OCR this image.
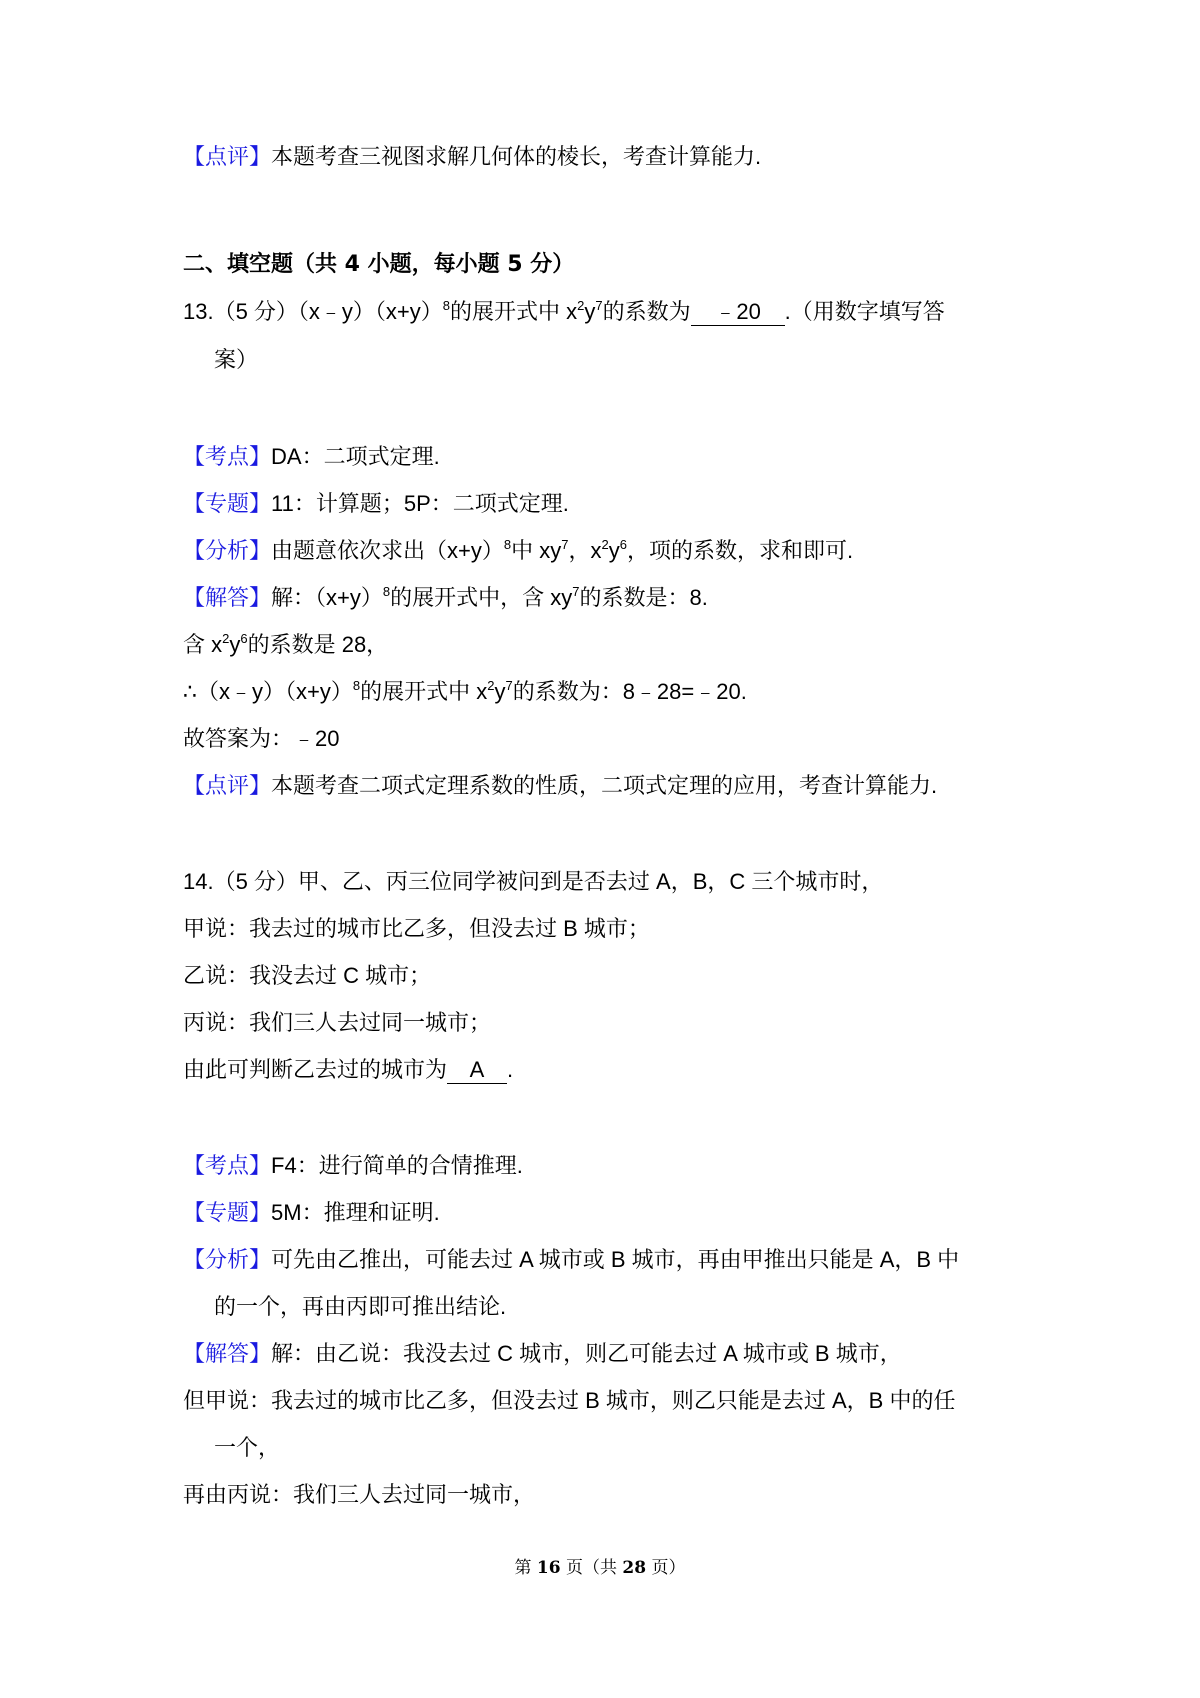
【点评】本题考查三视图求解几何体的棱长，考查计算能力.
二、填空题（共 4 小题，每小题 5 分）
13.（5 分）$(x﹣y)(x+y)^8$的展开式中 $x^2y^7$的系数为 ﹣20 .（用数字填写答
案）
【考点】DA：二项式定理.
【专题】11：计算题；5P：二项式定理.
【分析】由题意依次求出$(x+y)^8$中 $xy^7$，$x^2y^6$，项的系数，求和即可.
【解答】解：$(x+y)^8$的展开式中，含 $xy^7$的系数是：8.
含 $x^2y^6$的系数是 28，
$\therefore(x﹣y)(x+y)^8$的展开式中 $x^2y^7$的系数为：8﹣28=﹣20.
故答案为：﹣20
【点评】本题考查二项式定理系数的性质，二项式定理的应用，考查计算能力.
14.（5 分）甲、乙、丙三位同学被问到是否去过 A，B，C 三个城市时，
甲说：我去过的城市比乙多，但没去过 B 城市；
乙说：我没去过 C 城市；
丙说：我们三人去过同一城市；
由此可判断乙去过的城市为 A .
【考点】F4：进行简单的合情推理.
【专题】5M：推理和证明.
【分析】可先由乙推出，可能去过 A 城市或 B 城市，再由甲推出只能是 A，B 中
的一个，再由丙即可推出结论.
【解答】解：由乙说：我没去过 C 城市，则乙可能去过 A 城市或 B 城市，
但甲说：我去过的城市比乙多，但没去过 B 城市，则乙只能是去过 A，B 中的任
一个，
再由丙说：我们三人去过同一城市，
第 16 页（共 28 页）
